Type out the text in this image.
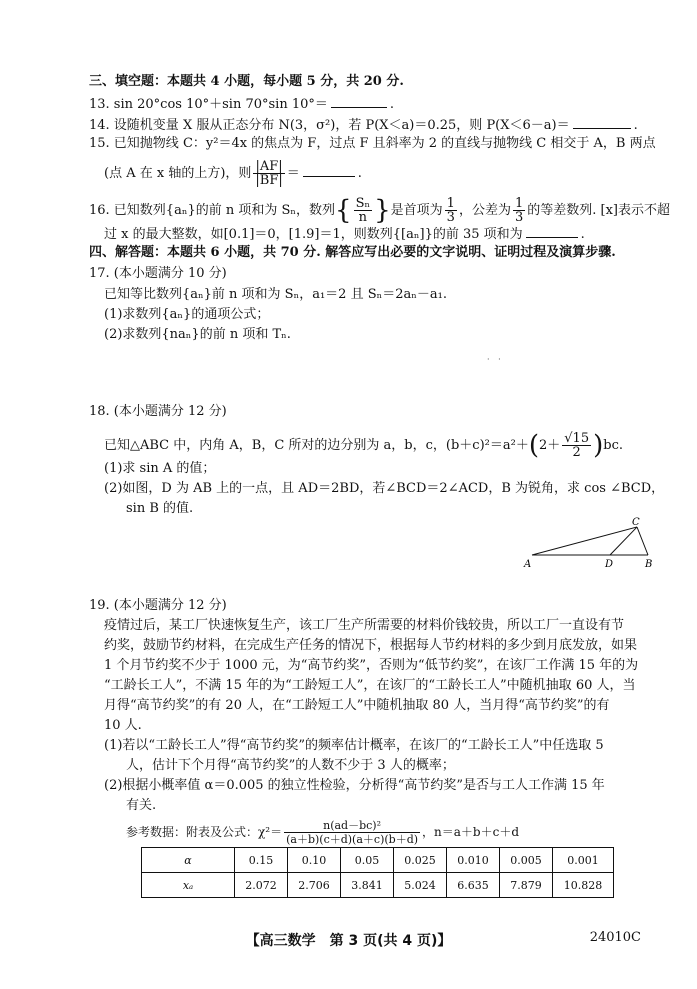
三、填空题：本题共 4 小题，每小题 5 分，共 20 分.
13. sin 20°cos 10°＋sin 70°sin 10°＝	.
14. 设随机变量 X 服从正态分布 N(3，σ²)，若 P(X＜a)＝0.25，则 P(X＜6－a)＝	.
15. 已知抛物线 C：y²＝4x 的焦点为 F，过点 F 且斜率为 2 的直线与抛物线 C 相交于 A，B 两点
(点 A 在 x 轴的上方)，则 $\frac{|AF|}{|BF|}$ ＝	.
16. 已知数列{aₙ}的前 n 项和为 Sₙ，数列{ $\frac{\text{Sₙ}}{n}$ }是首项为 $\frac{1}{3}$ ，公差为 $\frac{1}{3}$ 的等差数列. [x]表示不超
过 x 的最大整数，如[0.1]＝0，[1.9]＝1，则数列{[aₙ]}的前 35 项和为	.
四、解答题：本题共 6 小题，共 70 分. 解答应写出必要的文字说明、证明过程及演算步骤.
17. (本小题满分 10 分)
已知等比数列{aₙ}前 n 项和为 Sₙ，a₁＝2 且 Sₙ＝2aₙ－a₁.
(1)求数列{aₙ}的通项公式；
(2)求数列{naₙ}的前 n 项和 Tₙ.
· ·
18. (本小题满分 12 分)
已知△ABC 中，内角 A，B，C 所对的边分别为 a，b，c，$(b+c)^2=a^2+(2+ \frac{√15}{2} )bc$.
(1)求 sin A 的值；
(2)如图，D 为 AB 上的一点，且 AD＝2BD，若∠BCD＝2∠ACD，B 为锐角，求 cos ∠BCD，
sin B 的值.
A	D	B
C
19. (本小题满分 12 分)
疫情过后，某工厂快速恢复生产，该工厂生产所需要的材料价钱较贵，所以工厂一直设有节
约奖，鼓励节约材料，在完成生产任务的情况下，根据每人节约材料的多少到月底发放，如果
1 个月节约奖不少于 1000 元，为“高节约奖”，否则为“低节约奖”，在该厂工作满 15 年的为
“工龄长工人”，不满 15 年的为“工龄短工人”，在该厂的“工龄长工人”中随机抽取 60 人，当
月得“高节约奖”的有 20 人，在“工龄短工人”中随机抽取 80 人，当月得“高节约奖”的有
10 人.
(1)若以“工龄长工人”得“高节约奖”的频率估计概率，在该厂的“工龄长工人”中任选取 5
人，估计下个月得“高节约奖”的人数不少于 3 人的概率；
(2)根据小概率值 α＝0.005 的独立性检验，分析得“高节约奖”是否与工人工作满 15 年
有关.
参考数据：附表及公式：$\chi^2= \frac{\text{n(ad－bc)²}}{(a+b)(c+d)(a+c)(b+d)}$ ，n＝a＋b＋c＋d
α	0.15	0.10	0.05	0.025	0.010	0.005	0.001
xₐ	2.072	2.706	3.841	5.024	6.635	7.879	10.828
【高三数学　第 3 页(共 4 页)】	24010C
